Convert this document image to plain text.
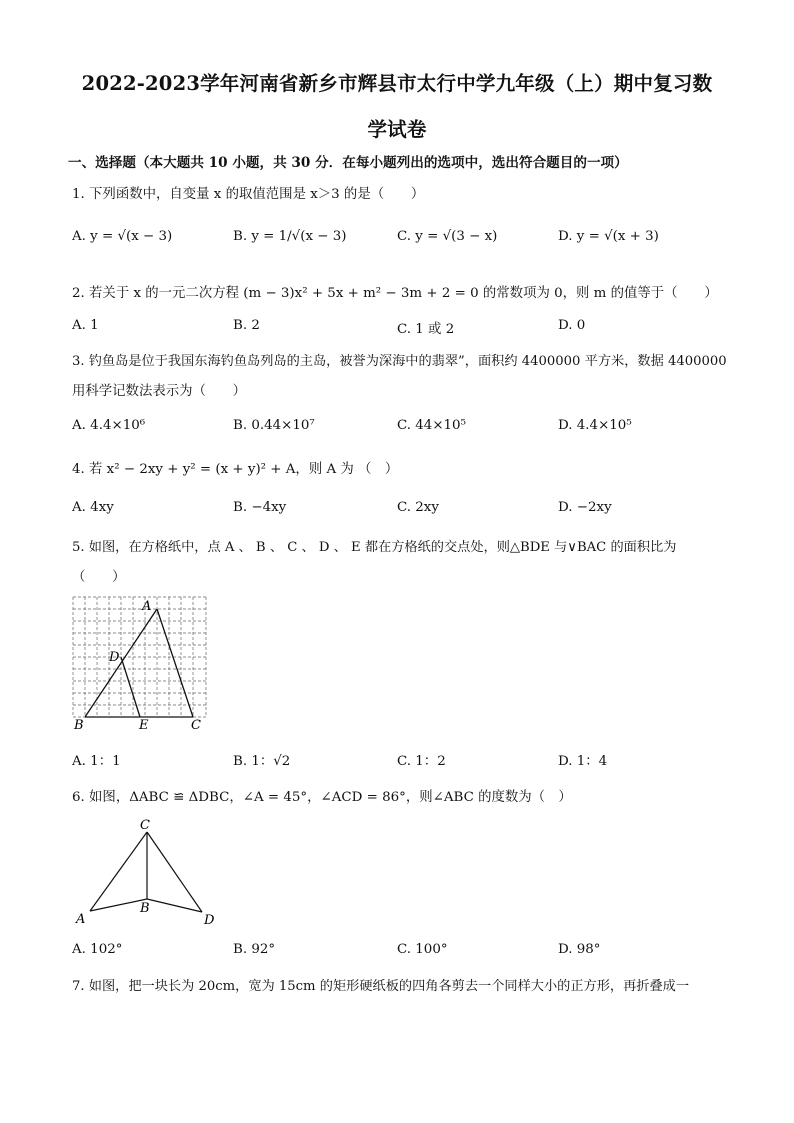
2022-2023学年河南省新乡市辉县市太行中学九年级（上）期中复习数
学试卷
一、选择题（本大题共 10 小题，共 30 分．在每小题列出的选项中，选出符合题目的一项）
1. 下列函数中，自变量 x 的取值范围是 x＞3 的是（　　）
A. y = √(x − 3)	B. y = 1/√(x − 3)	C. y = √(3 − x)	D. y = √(x + 3)
2. 若关于 x 的一元二次方程 (m − 3)x² + 5x + m² − 3m + 2 = 0 的常数项为 0，则 m 的值等于（　　）
A. 1	B. 2	C. 1 或 2	D. 0
3. 钓鱼岛是位于我国东海钓鱼岛列岛的主岛，被誉为深海中的翡翠”，面积约 4400000 平方米，数据 4400000
用科学记数法表示为（　　）
A. 4.4×10⁶	B. 0.44×10⁷	C. 44×10⁵	D. 4.4×10⁵
4. 若 x² − 2xy + y² = (x + y)² + A，则 A 为 （　）
A. 4xy	B. −4xy	C. 2xy	D. −2xy
5. 如图，在方格纸中，点 A 、 B 、 C 、 D 、 E 都在方格纸的交点处，则△BDE 与∨BAC 的面积比为
（　　）
A
D
B	E	C
A. 1：1	B. 1：√2	C. 1：2	D. 1：4
6. 如图，ΔABC ≌ ΔDBC，∠A = 45°，∠ACD = 86°，则∠ABC 的度数为（　）
C
A
B
D
A. 102°	B. 92°	C. 100°	D. 98°
7. 如图，把一块长为 20cm，宽为 15cm 的矩形硬纸板的四角各剪去一个同样大小的正方形，再折叠成一
